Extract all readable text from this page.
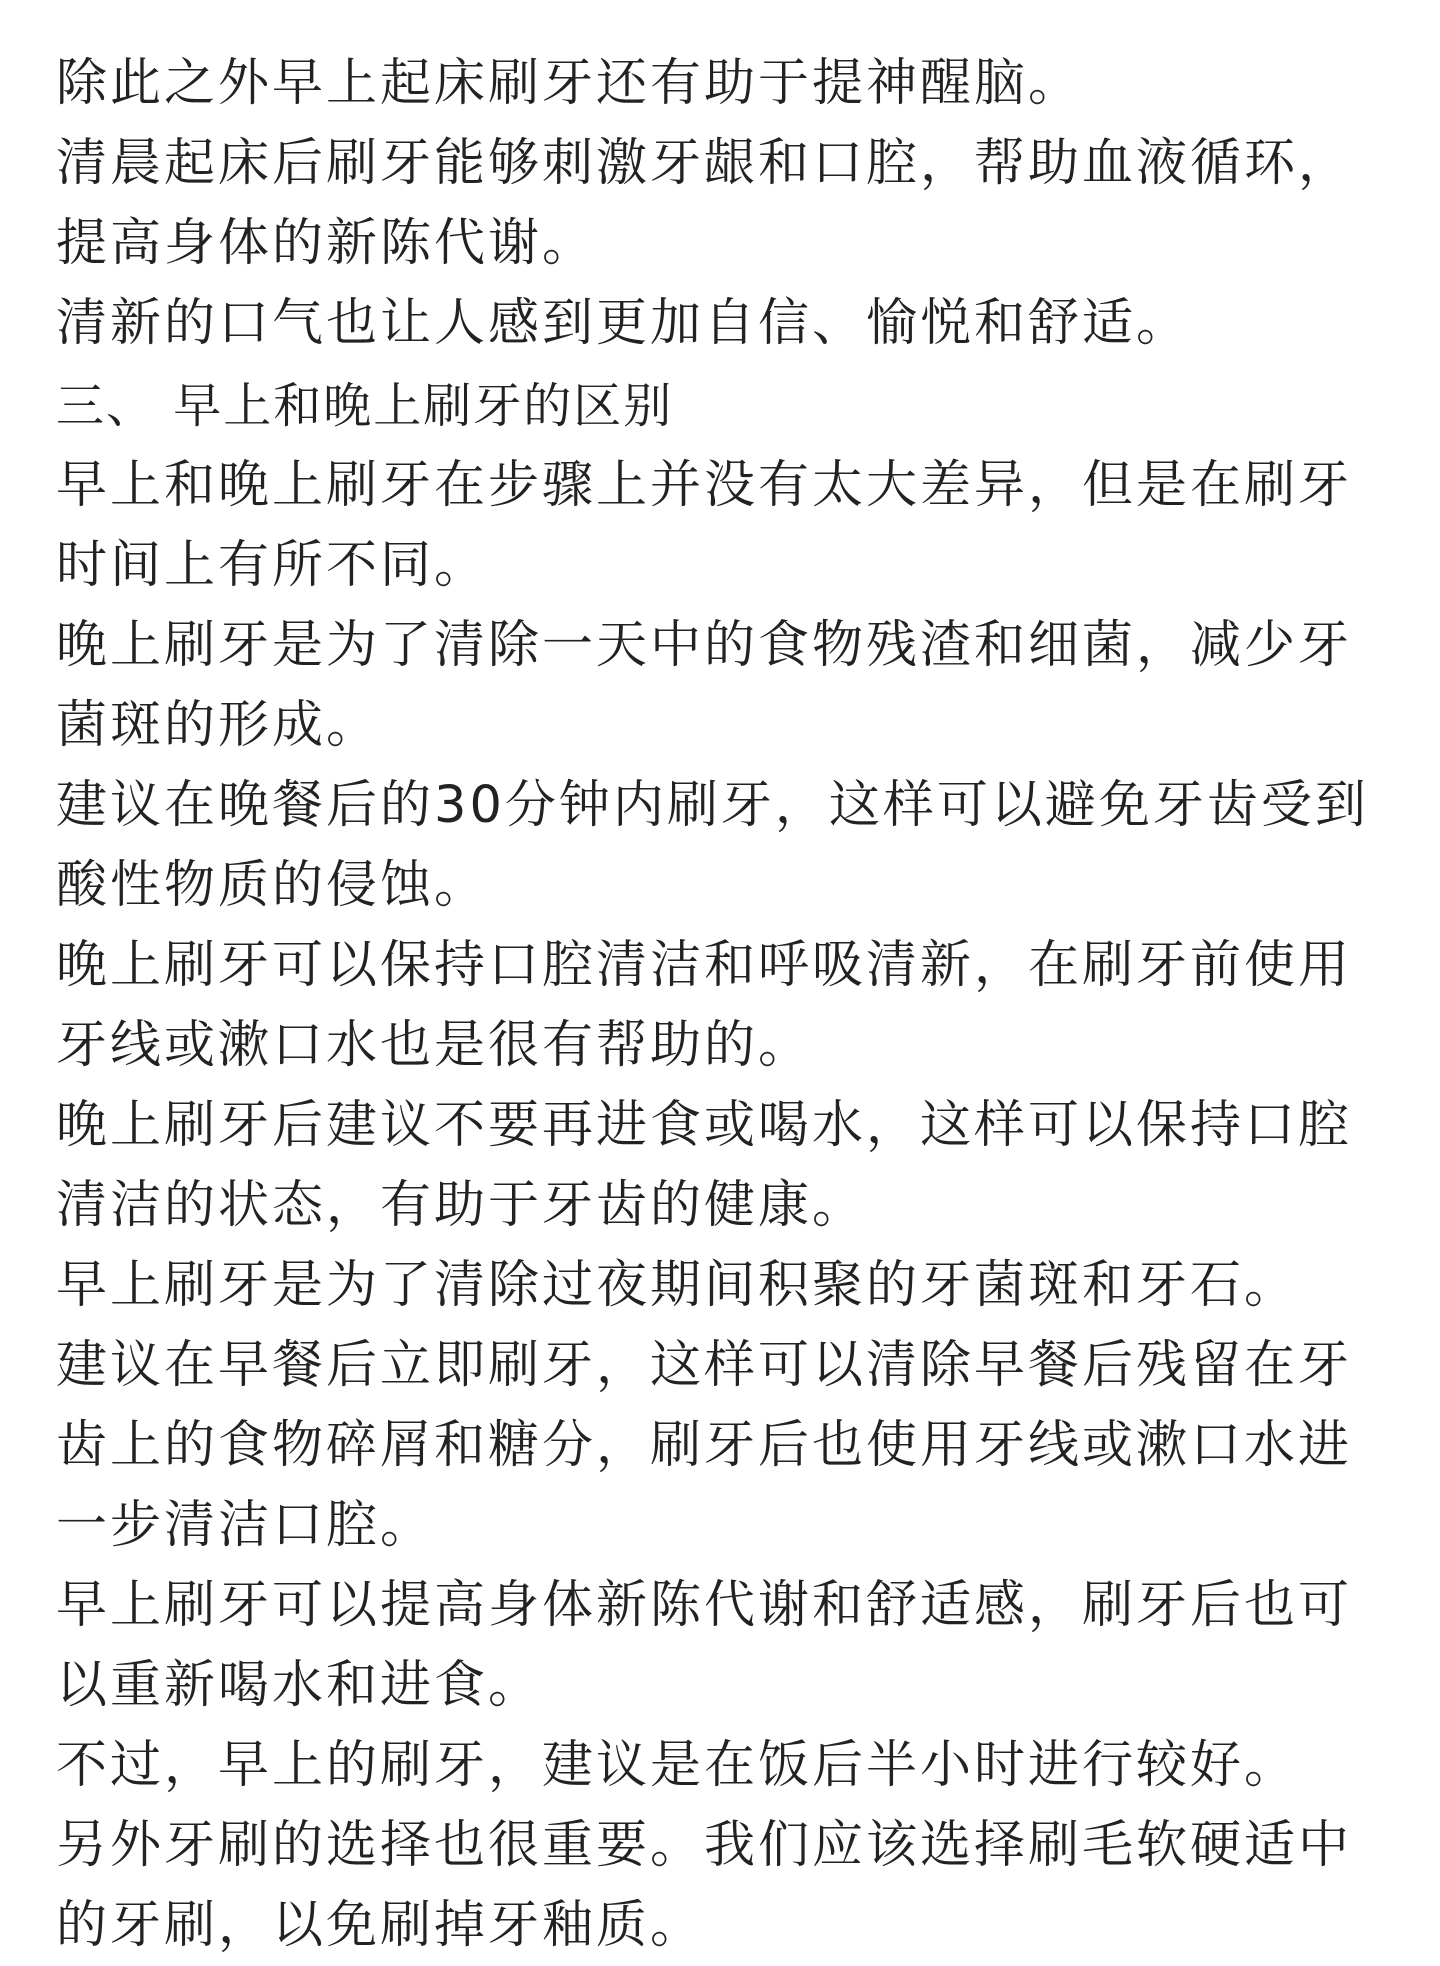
除此之外早上起床刷牙还有助于提神醒脑。
清晨起床后刷牙能够刺激牙龈和口腔，帮助血液循环，
提高身体的新陈代谢。
清新的口气也让人感到更加自信、愉悦和舒适。
三、 早上和晚上刷牙的区别
早上和晚上刷牙在步骤上并没有太大差异，但是在刷牙
时间上有所不同。
晚上刷牙是为了清除一天中的食物残渣和细菌，减少牙
菌斑的形成。
建议在晚餐后的30分钟内刷牙，这样可以避免牙齿受到
酸性物质的侵蚀。
晚上刷牙可以保持口腔清洁和呼吸清新，在刷牙前使用
牙线或漱口水也是很有帮助的。
晚上刷牙后建议不要再进食或喝水，这样可以保持口腔
清洁的状态，有助于牙齿的健康。
早上刷牙是为了清除过夜期间积聚的牙菌斑和牙石。
建议在早餐后立即刷牙，这样可以清除早餐后残留在牙
齿上的食物碎屑和糖分，刷牙后也使用牙线或漱口水进
一步清洁口腔。
早上刷牙可以提高身体新陈代谢和舒适感，刷牙后也可
以重新喝水和进食。
不过，早上的刷牙，建议是在饭后半小时进行较好。
另外牙刷的选择也很重要。我们应该选择刷毛软硬适中
的牙刷，以免刷掉牙釉质。
